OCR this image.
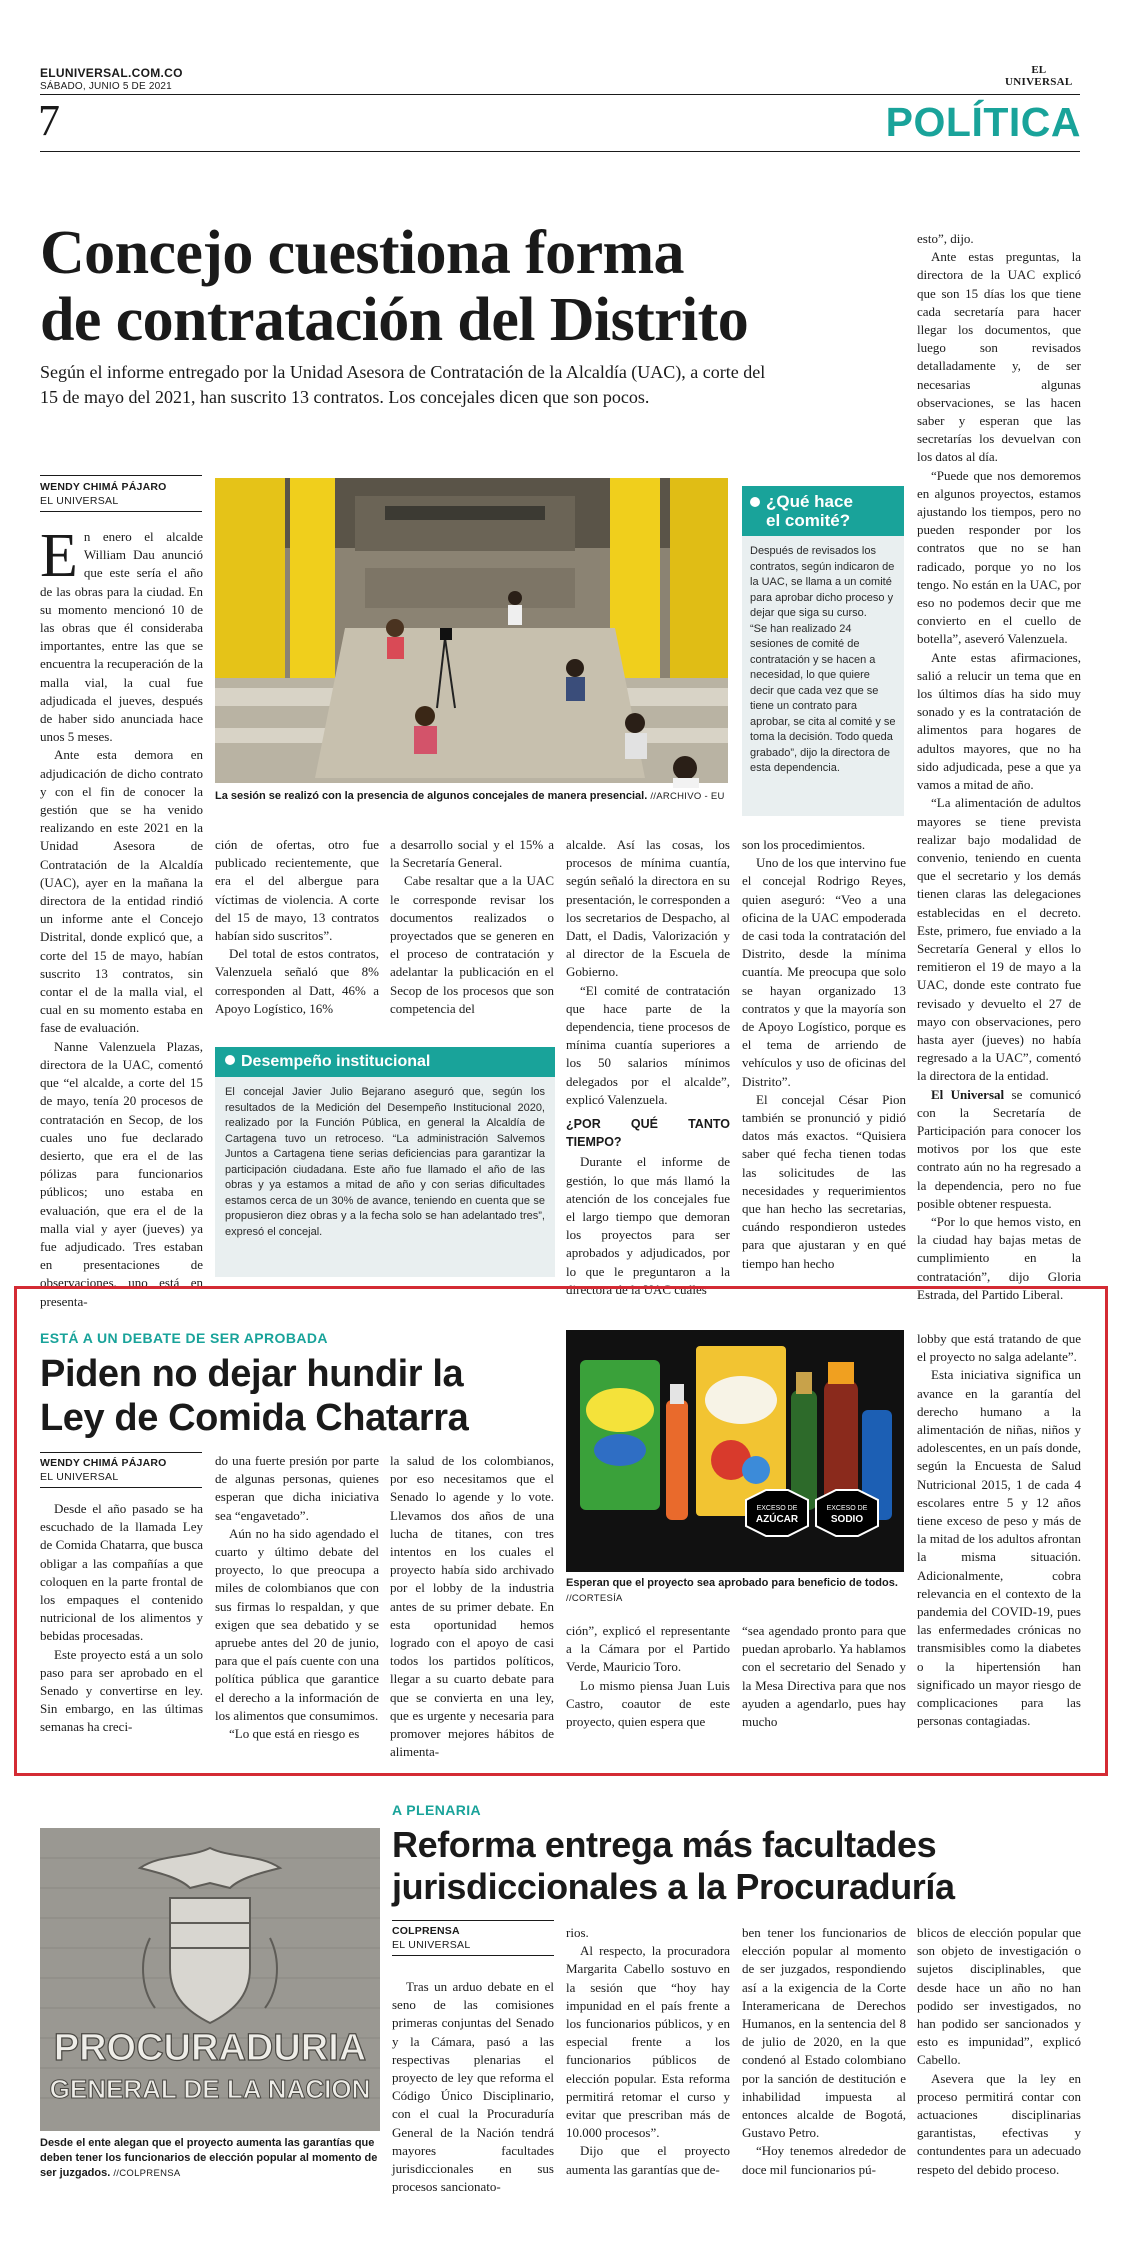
ELUNIVERSAL.COM.CO
SÁBADO, JUNIO 5 DE 2021
7
EL
UNIVERSAL
POLÍTICA
Concejo cuestiona forma
de contratación del Distrito
Según el informe entregado por la Unidad Asesora de Contratación de la Alcaldía (UAC), a corte del 15 de mayo del 2021, han suscrito 13 contratos. Los concejales dicen que son pocos.
WENDY CHIMÁ PÁJARO
EL UNIVERSAL
La sesión se realizó con la presencia de algunos concejales de manera presencial. //ARCHIVO - EU
E n enero el alcalde William Dau anunció que este sería el año de las obras para la ciudad. En su momento mencionó 10 de las obras que él consideraba importantes, entre las que se encuentra la recuperación de la malla vial, la cual fue adjudicada el jueves, después de haber sido anunciada hace unos 5 meses.

Ante esta demora en adjudicación de dicho contrato y con el fin de conocer la gestión que se ha venido realizando en este 2021 en la Unidad Asesora de Contratación de la Alcaldía (UAC), ayer en la mañana la directora de la entidad rindió un informe ante el Concejo Distrital, donde explicó que, a corte del 15 de mayo, habían suscrito 13 contratos, sin contar el de la malla vial, el cual en su momento estaba en fase de evaluación.

Nanne Valenzuela Plazas, directora de la UAC, comentó que “el alcalde, a corte del 15 de mayo, tenía 20 procesos de contratación en Secop, de los cuales uno fue declarado desierto, que era el de las pólizas para funcionarios públicos; uno estaba en evaluación, que era el de la malla vial y ayer (jueves) ya fue adjudicado. Tres estaban en presentaciones de observaciones, uno está en presenta-

ción de ofertas, otro fue publicado recientemente, que era el del albergue para víctimas de violencia. A corte del 15 de mayo, 13 contratos habían sido suscritos”.

Del total de estos contratos, Valenzuela señaló que 8% corresponden al Datt, 46% a Apoyo Logístico, 16%

a desarrollo social y el 15% a la Secretaría General.

Cabe resaltar que a la UAC le corresponde revisar los documentos realizados o proyectados que se generen en el proceso de contratación y adelantar la publicación en el Secop de los procesos que son competencia del

Desempeño institucional
El concejal Javier Julio Bejarano aseguró que, según los resultados de la Medición del Desempeño Institucional 2020, realizado por la Función Pública, en general la Alcaldía de Cartagena tuvo un retroceso. “La administración Salvemos Juntos a Cartagena tiene serias deficiencias para garantizar la participación ciudadana. Este año fue llamado el año de las obras y ya estamos a mitad de año y con serias dificultades estamos cerca de un 30% de avance, teniendo en cuenta que se propusieron diez obras y a la fecha solo se han adelantado tres”, expresó el concejal.

alcalde. Así las cosas, los procesos de mínima cuantía, según señaló la directora en su presentación, le corresponden a los secretarios de Despacho, al Datt, el Dadis, Valorización y al director de la Escuela de Gobierno.

“El comité de contratación que hace parte de la dependencia, tiene procesos de mínima cuantía superiores a los 50 salarios mínimos delegados por el alcalde”, explicó Valenzuela.

¿POR QUÉ TANTO TIEMPO?

Durante el informe de gestión, lo que más llamó la atención de los concejales fue el largo tiempo que demoran los proyectos para ser aprobados y adjudicados, por lo que le preguntaron a la directora de la UAC cuáles

¿Qué hace
el comité?

Después de revisados los contratos, según indicaron de la UAC, se llama a un comité para aprobar dicho proceso y dejar que siga su curso.

“Se han realizado 24 sesiones de comité de contratación y se hacen a necesidad, lo que quiere decir que cada vez que se tiene un contrato para aprobar, se cita al comité y se toma la decisión. Todo queda grabado”, dijo la directora de esta dependencia.

son los procedimientos.

Uno de los que intervino fue el concejal Rodrigo Reyes, quien aseguró: “Veo a una oficina de la UAC empoderada de casi toda la contratación del Distrito, desde la mínima cuantía. Me preocupa que solo se hayan organizado 13 contratos y que la mayoría son de Apoyo Logístico, porque es el tema de arriendo de vehículos y uso de oficinas del Distrito”.

El concejal César Pion también se pronunció y pidió datos más exactos. “Quisiera saber qué fecha tienen todas las solicitudes de las necesidades y requerimientos que han hecho las secretarias, cuándo respondieron ustedes para que ajustaran y en qué tiempo han hecho

esto”, dijo.

Ante estas preguntas, la directora de la UAC explicó que son 15 días los que tiene cada secretaría para hacer llegar los documentos, que luego son revisados detalladamente y, de ser necesarias algunas observaciones, se las hacen saber y esperan que las secretarías los devuelvan con los datos al día.

“Puede que nos demoremos en algunos proyectos, estamos ajustando los tiempos, pero no pueden responder por los contratos que no se han radicado, porque yo no los tengo. No están en la UAC, por eso no podemos decir que me convierto en el cuello de botella”, aseveró Valenzuela.

Ante estas afirmaciones, salió a relucir un tema que en los últimos días ha sido muy sonado y es la contratación de alimentos para hogares de adultos mayores, que no ha sido adjudicada, pese a que ya vamos a mitad de año.

“La alimentación de adultos mayores se tiene prevista realizar bajo modalidad de convenio, teniendo en cuenta que el secretario y los demás tienen claras las delegaciones establecidas en el decreto. Este, primero, fue enviado a la Secretaría General y ellos lo remitieron el 19 de mayo a la UAC, donde este contrato fue revisado y devuelto el 27 de mayo con observaciones, pero hasta ayer (jueves) no había regresado a la UAC”, comentó la directora de la entidad.

El Universal se comunicó con la Secretaría de Participación para conocer los motivos por los que este contrato aún no ha regresado a la dependencia, pero no fue posible obtener respuesta.

“Por lo que hemos visto, en la ciudad hay bajas metas de cumplimiento en la contratación”, dijo Gloria Estrada, del Partido Liberal.

ESTÁ A UN DEBATE DE SER APROBADA
Piden no dejar hundir la
Ley de Comida Chatarra
WENDY CHIMÁ PÁJARO
EL UNIVERSAL

Desde el año pasado se ha escuchado de la llamada Ley de Comida Chatarra, que busca obligar a las compañías a que coloquen en la parte frontal de los empaques el contenido nutricional de los alimentos y bebidas procesadas.

Este proyecto está a un solo paso para ser aprobado en el Senado y convertirse en ley. Sin embargo, en las últimas semanas ha creci-

do una fuerte presión por parte de algunas personas, quienes esperan que dicha iniciativa sea “engavetado”.

Aún no ha sido agendado el cuarto y último debate del proyecto, lo que preocupa a miles de colombianos que con sus firmas lo respaldan, y que exigen que sea debatido y se apruebe antes del 20 de junio, para que el país cuente con una política pública que garantice el derecho a la información de los alimentos que consumimos.

“Lo que está en riesgo es

la salud de los colombianos, por eso necesitamos que el Senado lo agende y lo vote. Llevamos dos años de una lucha de titanes, con tres intentos en los cuales el proyecto había sido archivado por el lobby de la industria antes de su primer debate. En esta oportunidad hemos logrado con el apoyo de casi todos los partidos políticos, llegar a su cuarto debate para que se convierta en una ley, que es urgente y necesaria para promover mejores hábitos de alimenta-

EXCESO DE
AZÚCAR
EXCESO DE
SODIO
Esperan que el proyecto sea aprobado para beneficio de todos. //CORTESÍA

ción”, explicó el representante a la Cámara por el Partido Verde, Mauricio Toro.

Lo mismo piensa Juan Luis Castro, coautor de este proyecto, quien espera que

“sea agendado pronto para que puedan aprobarlo. Ya hablamos con el secretario del Senado y la Mesa Directiva para que nos ayuden a agendarlo, pues hay mucho

lobby que está tratando de que el proyecto no salga adelante”.

Esta iniciativa significa un avance en la garantía del derecho humano a la alimentación de niñas, niños y adolescentes, en un país donde, según la Encuesta de Salud Nutricional 2015, 1 de cada 4 escolares entre 5 y 12 años tiene exceso de peso y más de la mitad de los adultos afrontan la misma situación. Adicionalmente, cobra relevancia en el contexto de la pandemia del COVID-19, pues las enfermedades crónicas no transmisibles como la diabetes o la hipertensión han significado un mayor riesgo de complicaciones para las personas contagiadas.

PROCURADURIA
GENERAL DE LA NACION
Desde el ente alegan que el proyecto aumenta las garantías que deben tener los funcionarios de elección popular al momento de ser juzgados. //COLPRENSA
A PLENARIA
Reforma entrega más facultades
jurisdiccionales a la Procuraduría
COLPRENSA
EL UNIVERSAL

Tras un arduo debate en el seno de las comisiones primeras conjuntas del Senado y la Cámara, pasó a las respectivas plenarias el proyecto de ley que reforma el Código Único Disciplinario, con el cual la Procuraduría General de la Nación tendrá mayores facultades jurisdiccionales en sus procesos sancionato-

rios.

Al respecto, la procuradora Margarita Cabello sostuvo en la sesión que “hoy hay impunidad en el país frente a los funcionarios públicos, y en especial frente a los funcionarios públicos de elección popular. Esta reforma permitirá retomar el curso y evitar que prescriban más de 10.000 procesos”.

Dijo que el proyecto aumenta las garantías que de-

ben tener los funcionarios de elección popular al momento de ser juzgados, respondiendo así a la exigencia de la Corte Interamericana de Derechos Humanos, en la sentencia del 8 de julio de 2020, en la que condenó al Estado colombiano por la sanción de destitución e inhabilidad impuesta al entonces alcalde de Bogotá, Gustavo Petro.

“Hoy tenemos alrededor de doce mil funcionarios pú-

blicos de elección popular que son objeto de investigación o sujetos disciplinables, que desde hace un año no han podido ser investigados, no han podido ser sancionados y esto es impunidad”, explicó Cabello.

Asevera que la ley en proceso permitirá contar con actuaciones disciplinarias garantistas, efectivas y contundentes para un adecuado respeto del debido proceso.
